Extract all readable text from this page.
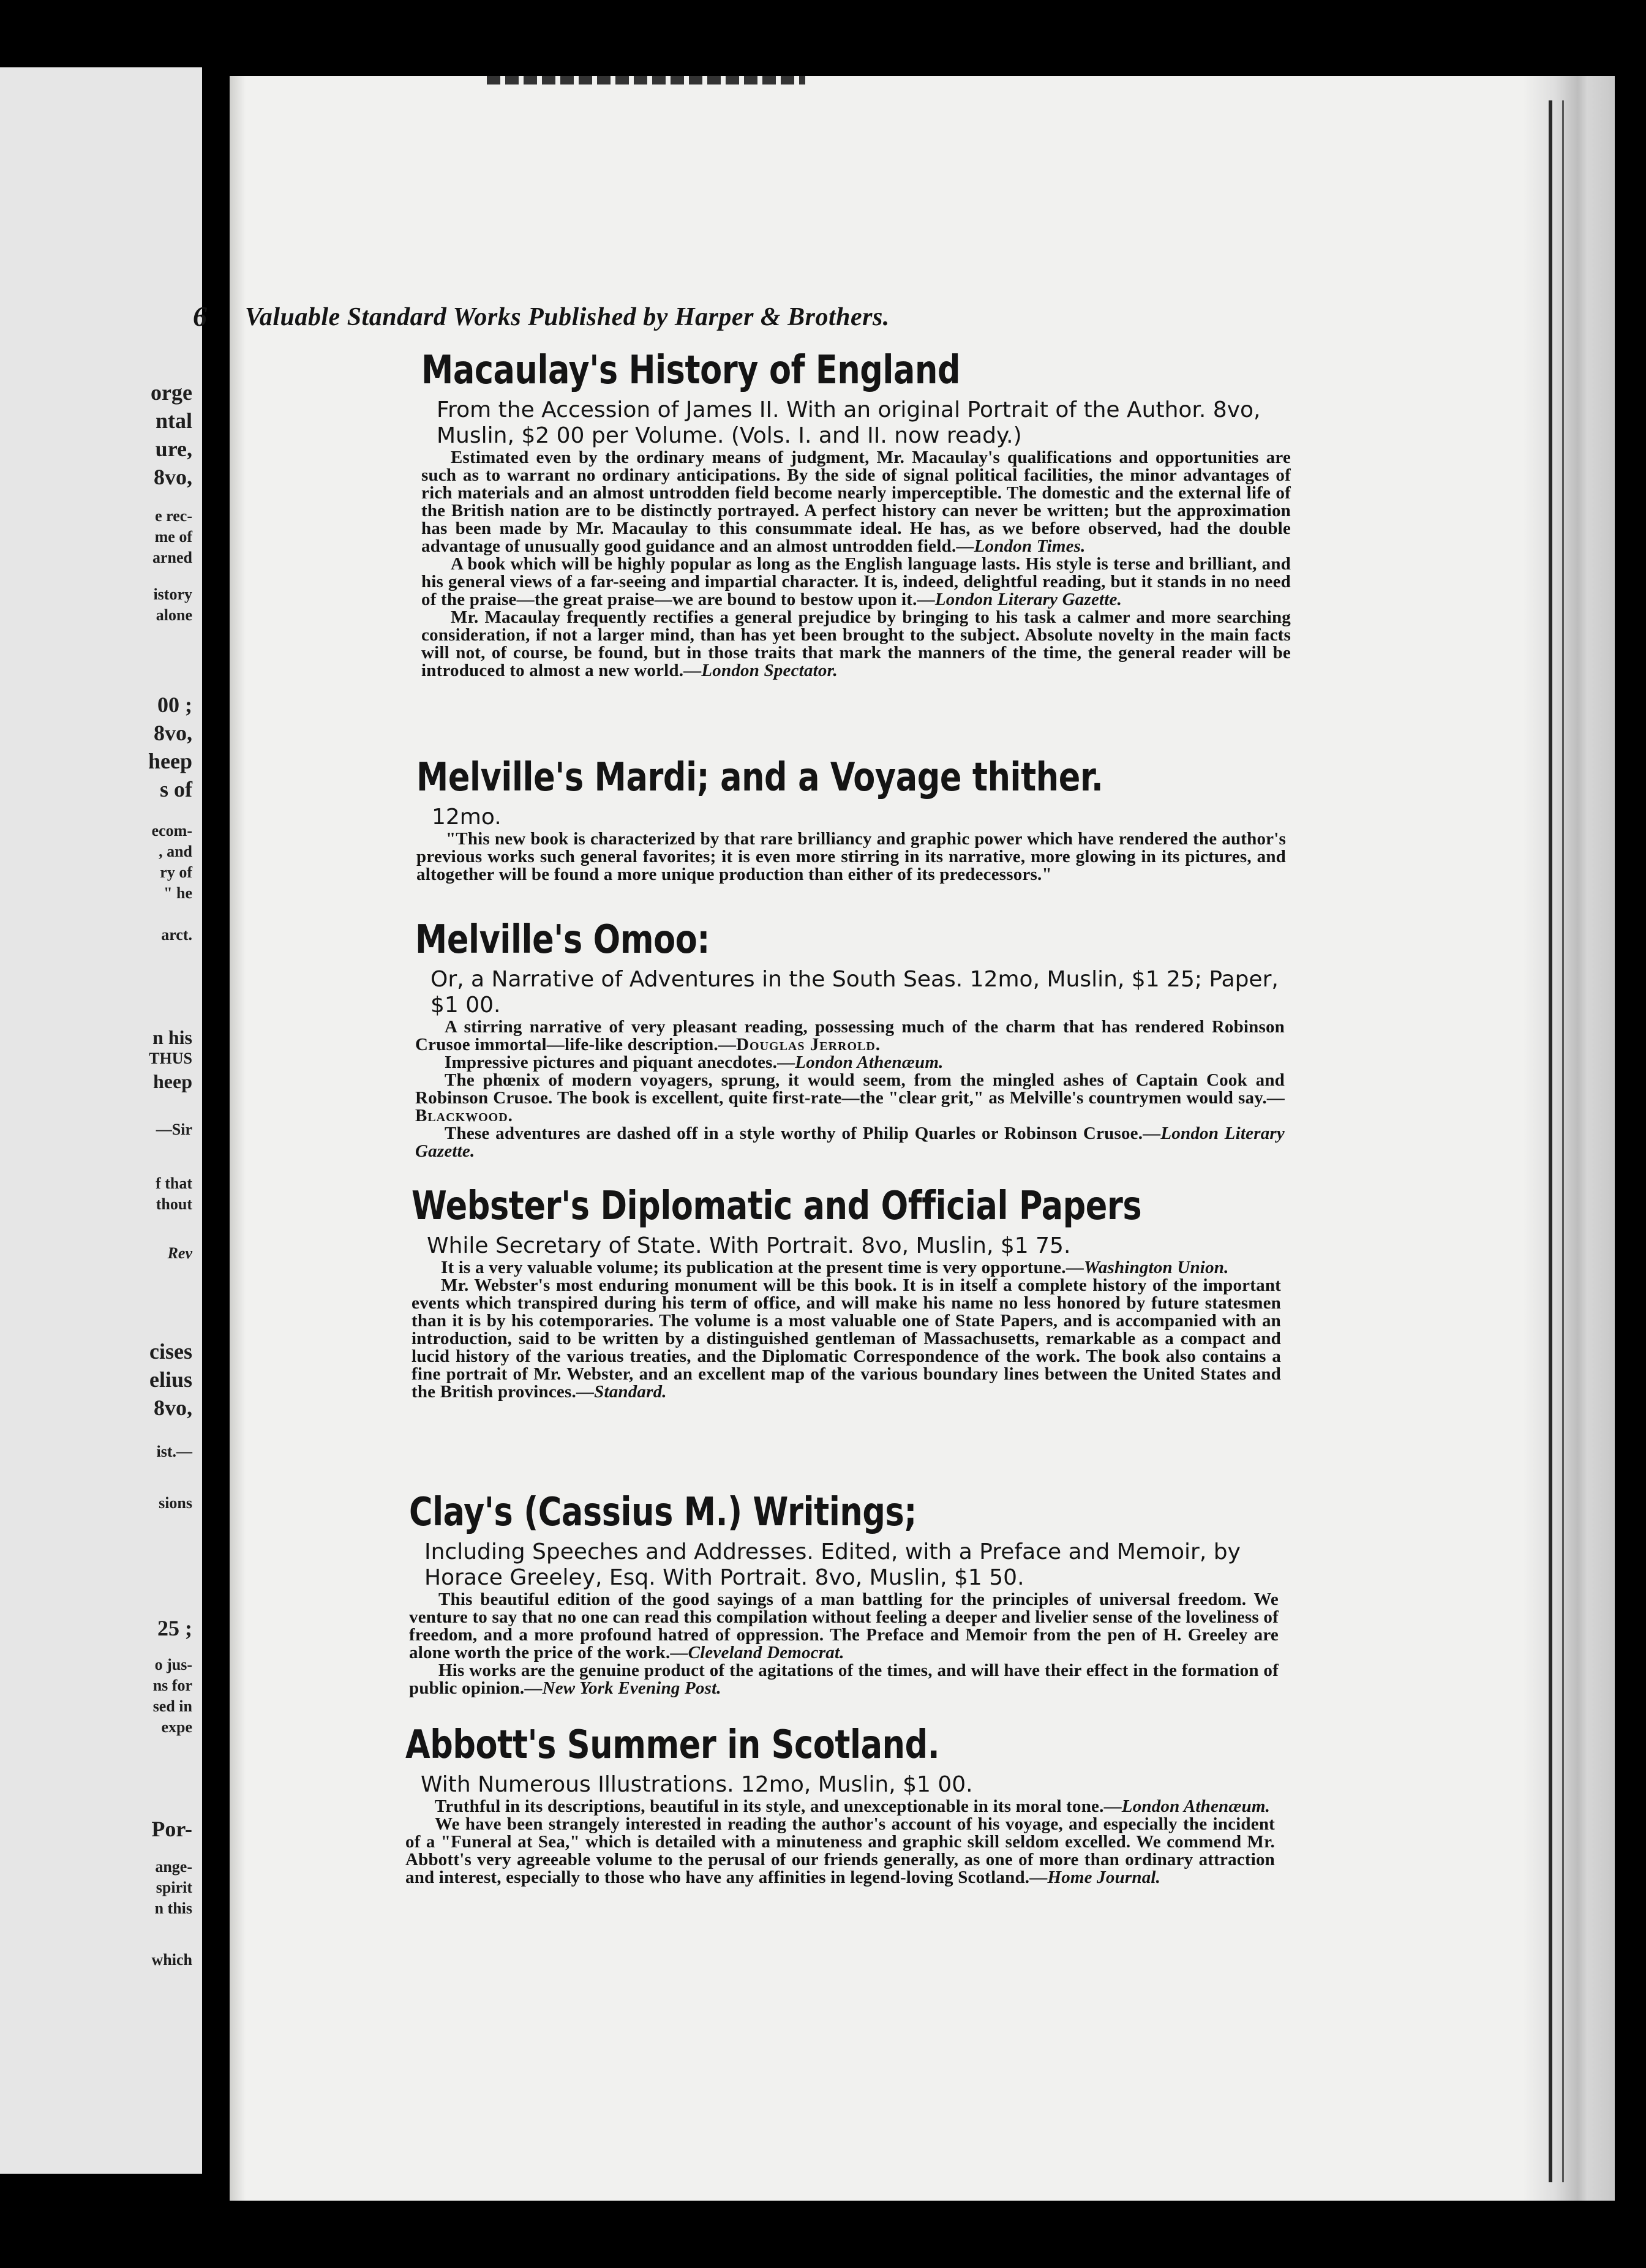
orge
ntal
ure,
8vo,
e rec-
me of
arned
istory
alone
00 ;
8vo,
heep
s of
ecom-
, and
ry of
" he
arct.
n his
THUS
heep
—Sir
f that
thout
Rev
cises
elius
8vo,
ist.—
sions
25 ;
o jus-
ns for
sed in
expe
Por-
ange-
spirit
n this
which
6 Valuable Standard Works Published by Harper & Brothers.
Macaulay's History of England
From the Accession of James II. With an original Portrait of the Author. 8vo, Muslin, $2 00 per Volume. (Vols. I. and II. now ready.)

Estimated even by the ordinary means of judgment, Mr. Macaulay's qualifications and opportunities are such as to warrant no ordinary anticipations. By the side of signal political facilities, the minor advantages of rich materials and an almost untrodden field become nearly imperceptible. The domestic and the external life of the British nation are to be distinctly portrayed. A perfect history can never be written; but the approximation has been made by Mr. Macaulay to this consummate ideal. He has, as we before observed, had the double advantage of unusually good guidance and an almost untrodden field.—London Times.

A book which will be highly popular as long as the English language lasts. His style is terse and brilliant, and his general views of a far-seeing and impartial character. It is, indeed, delightful reading, but it stands in no need of the praise—the great praise—we are bound to bestow upon it.—London Literary Gazette.

Mr. Macaulay frequently rectifies a general prejudice by bringing to his task a calmer and more searching consideration, if not a larger mind, than has yet been brought to the subject. Absolute novelty in the main facts will not, of course, be found, but in those traits that mark the manners of the time, the general reader will be introduced to almost a new world.—London Spectator.

Melville's Mardi; and a Voyage thither.
12mo.

"This new book is characterized by that rare brilliancy and graphic power which have rendered the author's previous works such general favorites; it is even more stirring in its narrative, more glowing in its pictures, and altogether will be found a more unique production than either of its predecessors."

Melville's Omoo:
Or, a Narrative of Adventures in the South Seas. 12mo, Muslin, $1 25; Paper, $1 00.

A stirring narrative of very pleasant reading, possessing much of the charm that has rendered Robinson Crusoe immortal—life-like description.—Douglas Jerrold.

Impressive pictures and piquant anecdotes.—London Athenæum.

The phœnix of modern voyagers, sprung, it would seem, from the mingled ashes of Captain Cook and Robinson Crusoe. The book is excellent, quite first-rate—the "clear grit," as Melville's countrymen would say.—Blackwood.

These adventures are dashed off in a style worthy of Philip Quarles or Robinson Crusoe.—London Literary Gazette.

Webster's Diplomatic and Official Papers
While Secretary of State. With Portrait. 8vo, Muslin, $1 75.

It is a very valuable volume; its publication at the present time is very opportune.—Washington Union.

Mr. Webster's most enduring monument will be this book. It is in itself a complete history of the important events which transpired during his term of office, and will make his name no less honored by future statesmen than it is by his cotemporaries. The volume is a most valuable one of State Papers, and is accompanied with an introduction, said to be written by a distinguished gentleman of Massachusetts, remarkable as a compact and lucid history of the various treaties, and the Diplomatic Correspondence of the work. The book also contains a fine portrait of Mr. Webster, and an excellent map of the various boundary lines between the United States and the British provinces.—Standard.

Clay's (Cassius M.) Writings;
Including Speeches and Addresses. Edited, with a Preface and Memoir, by Horace Greeley, Esq. With Portrait. 8vo, Muslin, $1 50.

This beautiful edition of the good sayings of a man battling for the principles of universal freedom. We venture to say that no one can read this compilation without feeling a deeper and livelier sense of the loveliness of freedom, and a more profound hatred of oppression. The Preface and Memoir from the pen of H. Greeley are alone worth the price of the work.—Cleveland Democrat.

His works are the genuine product of the agitations of the times, and will have their effect in the formation of public opinion.—New York Evening Post.

Abbott's Summer in Scotland.
With Numerous Illustrations. 12mo, Muslin, $1 00.

Truthful in its descriptions, beautiful in its style, and unexceptionable in its moral tone.—London Athenæum.

We have been strangely interested in reading the author's account of his voyage, and especially the incident of a "Funeral at Sea," which is detailed with a minuteness and graphic skill seldom excelled. We commend Mr. Abbott's very agreeable volume to the perusal of our friends generally, as one of more than ordinary attraction and interest, especially to those who have any affinities in legend-loving Scotland.—Home Journal.
